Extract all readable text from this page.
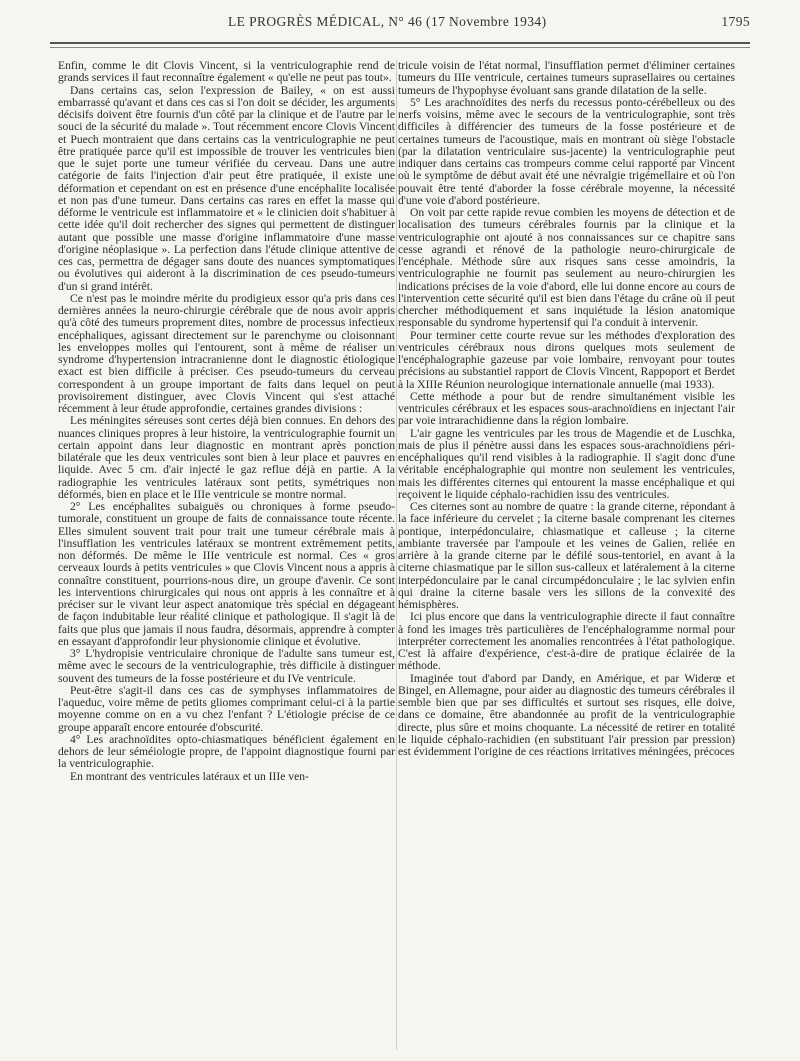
LE PROGRÈS MÉDICAL, N° 46 (17 Novembre 1934)	1795

Enfin, comme le dit Clovis Vincent, si la ventriculographie rend de grands services il faut reconnaître également « qu'elle ne peut pas tout».

Dans certains cas, selon l'expression de Bailey, « on est aussi embarrassé qu'avant et dans ces cas si l'on doit se décider, les arguments décisifs doivent être fournis d'un côté par la clinique et de l'autre par le souci de la sécurité du malade ». Tout récemment encore Clovis Vincent et Puech montraient que dans certains cas la ventriculographie ne peut être pratiquée parce qu'il est impossible de trouver les ventricules bien que le sujet porte une tumeur vérifiée du cerveau. Dans une autre catégorie de faits l'injection d'air peut être pratiquée, il existe une déformation et cependant on est en présence d'une encéphalite localisée et non pas d'une tumeur. Dans certains cas rares en effet la masse qui déforme le ventricule est inflammatoire et « le clinicien doit s'habituer à cette idée qu'il doit rechercher des signes qui permettent de distinguer autant que possible une masse d'origine inflammatoire d'une masse d'origine néoplasique ». La perfection dans l'étude clinique attentive de ces cas, permettra de dégager sans doute des nuances symptomatiques ou évolutives qui aideront à la discrimination de ces pseudo-tumeurs d'un si grand intérêt.

Ce n'est pas le moindre mérite du prodigieux essor qu'a pris dans ces dernières années la neuro-chirurgie cérébrale que de nous avoir appris qu'à côté des tumeurs proprement dites, nombre de processus infectieux encéphaliques, agissant directement sur le parenchyme ou cloisonnant les enveloppes molles qui l'entourent, sont à même de réaliser un syndrome d'hypertension intracranienne dont le diagnostic étiologique exact est bien difficile à préciser. Ces pseudo-tumeurs du cerveau correspondent à un groupe important de faits dans lequel on peut provisoirement distinguer, avec Clovis Vincent qui s'est attaché récemment à leur étude approfondie, certaines grandes divisions :

Les méningites séreuses sont certes déjà bien connues. En dehors des nuances cliniques propres à leur histoire, la ventriculographie fournit un certain appoint dans leur diagnostic en montrant après ponction bilatérale que les deux ventricules sont bien à leur place et pauvres en liquide. Avec 5 cm. d'air injecté le gaz reflue déjà en partie. A la radiographie les ventricules latéraux sont petits, symétriques non déformés, bien en place et le IIIe ventricule se montre normal.

2° Les encéphalites subaiguës ou chroniques à forme pseudo-tumorale, constituent un groupe de faits de connaissance toute récente. Elles simulent souvent trait pour trait une tumeur cérébrale mais à l'insufflation les ventricules latéraux se montrent extrêmement petits, non déformés. De même le IIIe ventricule est normal. Ces « gros cerveaux lourds à petits ventricules » que Clovis Vincent nous a appris à connaître constituent, pourrions-nous dire, un groupe d'avenir. Ce sont les interventions chirurgicales qui nous ont appris à les connaître et à préciser sur le vivant leur aspect anatomique très spécial en dégageant de façon indubitable leur réalité clinique et pathologique. Il s'agit là de faits que plus que jamais il nous faudra, désormais, apprendre à compter en essayant d'approfondir leur physionomie clinique et évolutive.

3° L'hydropisie ventriculaire chronique de l'adulte sans tumeur est, même avec le secours de la ventriculographie, très difficile à distinguer souvent des tumeurs de la fosse postérieure et du IVe ventricule.

Peut-être s'agit-il dans ces cas de symphyses inflammatoires de l'aqueduc, voire même de petits gliomes comprimant celui-ci à la partie moyenne comme on en a vu chez l'enfant ? L'étiologie précise de ce groupe apparaît encore entourée d'obscurité.

4° Les arachnoïdites opto-chiasmatiques bénéficient également en dehors de leur séméiologie propre, de l'appoint diagnostique fourni par la ventriculographie.

En montrant des ventricules latéraux et un IIIe ven-

tricule voisin de l'état normal, l'insufflation permet d'éliminer certaines tumeurs du IIIe ventricule, certaines tumeurs suprasellaires ou certaines tumeurs de l'hypophyse évoluant sans grande dilatation de la selle.

5° Les arachnoïdites des nerfs du recessus ponto-cérébelleux ou des nerfs voisins, même avec le secours de la ventriculographie, sont très difficiles à différencier des tumeurs de la fosse postérieure et de certaines tumeurs de l'acoustique, mais en montrant où siège l'obstacle (par la dilatation ventriculaire sus-jacente) la ventriculographie peut indiquer dans certains cas trompeurs comme celui rapporté par Vincent où le symptôme de début avait été une névralgie trigémellaire et où l'on pouvait être tenté d'aborder la fosse cérébrale moyenne, la nécessité d'une voie d'abord postérieure.

On voit par cette rapide revue combien les moyens de détection et de localisation des tumeurs cérébrales fournis par la clinique et la ventriculographie ont ajouté à nos connaissances sur ce chapitre sans cesse agrandi et rénové de la pathologie neuro-chirurgicale de l'encéphale. Méthode sûre aux risques sans cesse amoindris, la ventriculographie ne fournit pas seulement au neuro-chirurgien les indications précises de la voie d'abord, elle lui donne encore au cours de l'intervention cette sécurité qu'il est bien dans l'étage du crâne où il peut chercher méthodiquement et sans inquiétude la lésion anatomique responsable du syndrome hypertensif qui l'a conduit à intervenir.

Pour terminer cette courte revue sur les méthodes d'exploration des ventricules cérébraux nous dirons quelques mots seulement de l'encéphalographie gazeuse par voie lombaire, renvoyant pour toutes précisions au substantiel rapport de Clovis Vincent, Rappoport et Berdet à la XIIIe Réunion neurologique internationale annuelle (mai 1933).

Cette méthode a pour but de rendre simultanément visible les ventricules cérébraux et les espaces sous-arachnoïdiens en injectant l'air par voie intrarachidienne dans la région lombaire.

L'air gagne les ventricules par les trous de Magendie et de Luschka, mais de plus il pénètre aussi dans les espaces sous-arachnoïdiens péri-encéphaliques qu'il rend visibles à la radiographie. Il s'agit donc d'une véritable encéphalographie qui montre non seulement les ventricules, mais les différentes citernes qui entourent la masse encéphalique et qui reçoivent le liquide céphalo-rachidien issu des ventricules.

Ces citernes sont au nombre de quatre : la grande citerne, répondant à la face inférieure du cervelet ; la citerne basale comprenant les citernes pontique, interpédonculaire, chiasmatique et calleuse ; la citerne ambiante traversée par l'ampoule et les veines de Galien, reliée en arrière à la grande citerne par le défilé sous-tentoriel, en avant à la citerne chiasmatique par le sillon sus-calleux et latéralement à la citerne interpédonculaire par le canal circumpédonculaire ; le lac sylvien enfin qui draine la citerne basale vers les sillons de la convexité des hémisphères.

Ici plus encore que dans la ventriculographie directe il faut connaître à fond les images très particulières de l'encéphalogramme normal pour interpréter correctement les anomalies rencontrées à l'état pathologique. C'est là affaire d'expérience, c'est-à-dire de pratique éclairée de la méthode.

Imaginée tout d'abord par Dandy, en Amérique, et par Widerœ et Bingel, en Allemagne, pour aider au diagnostic des tumeurs cérébrales il semble bien que par ses difficultés et surtout ses risques, elle doive, dans ce domaine, être abandonnée au profit de la ventriculographie directe, plus sûre et moins choquante. La nécessité de retirer en totalité le liquide céphalo-rachidien (en substituant l'air pression par pression) est évidemment l'origine de ces réactions irritatives méningées, précoces
